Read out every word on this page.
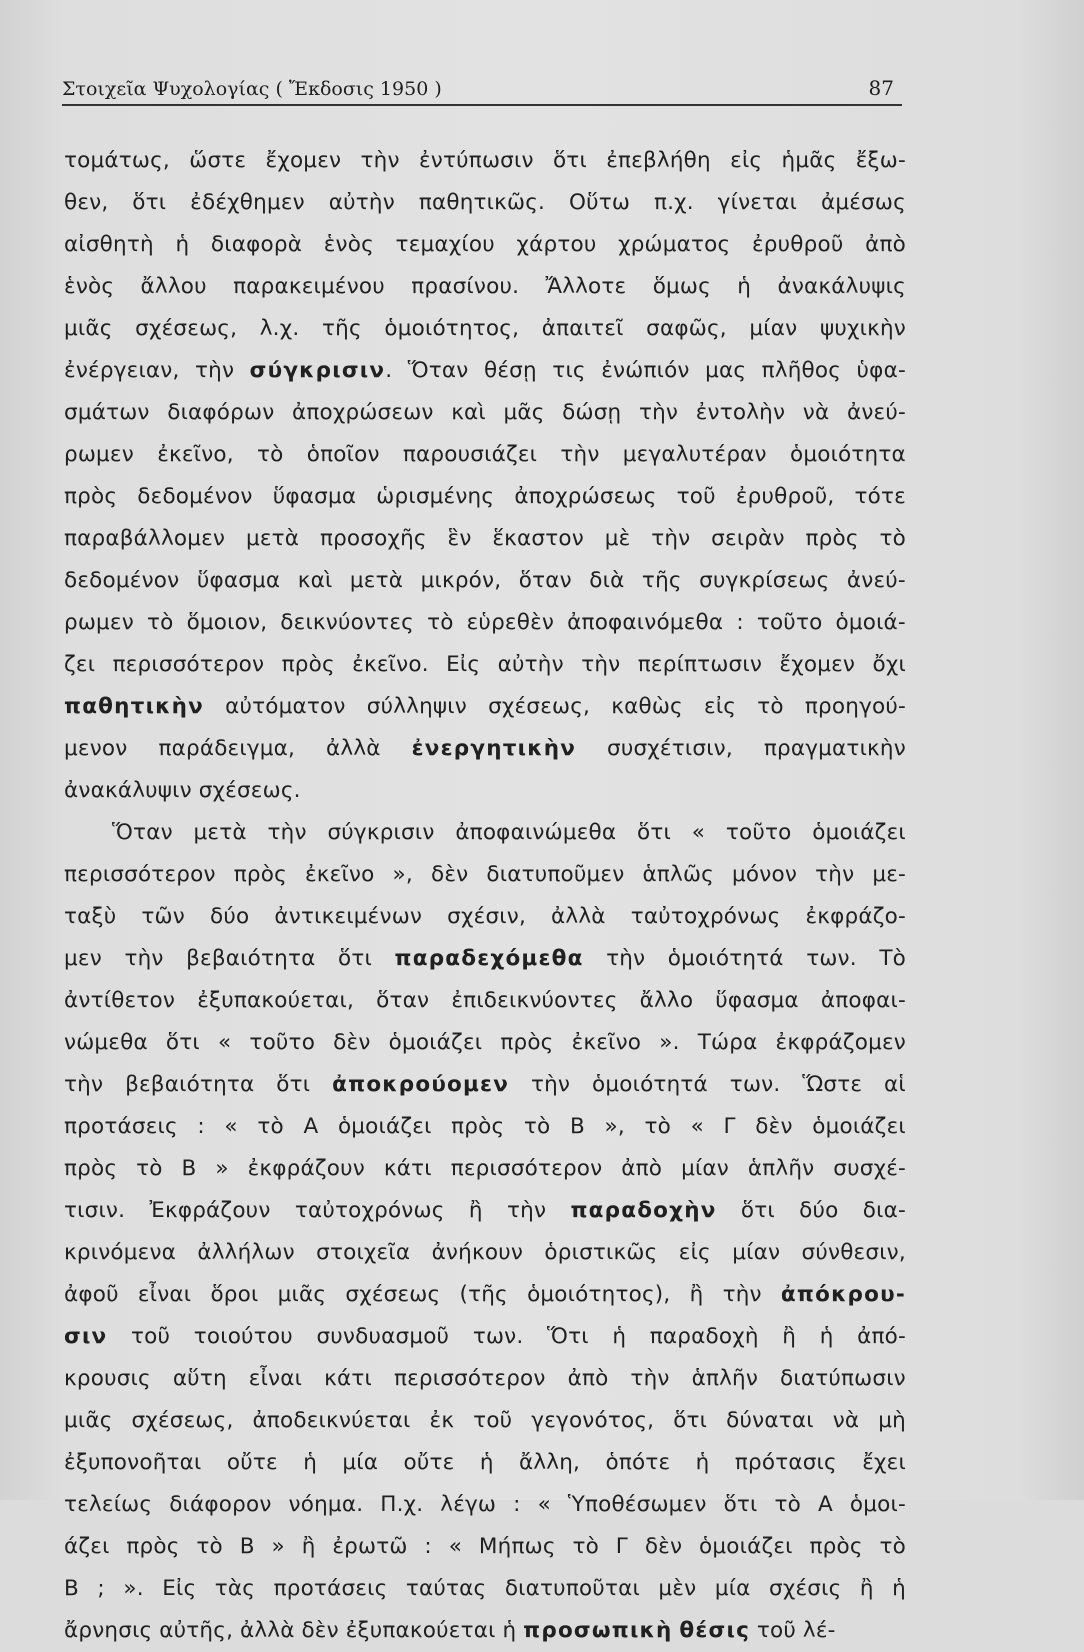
Στοιχεῖα Ψυχολογίας ( Ἔκδοσις 1950 )	87
τομάτως, ὥστε ἔχομεν τὴν ἐντύπωσιν ὅτι ἐπεβλήθη εἰς ἡμᾶς ἔξω-
θεν, ὅτι ἐδέχθημεν αὐτὴν παθητικῶς. Οὕτω π.χ. γίνεται ἀμέσως
αἰσθητὴ ἡ διαφορὰ ἑνὸς τεμαχίου χάρτου χρώματος ἐρυθροῦ ἀπὸ
ἑνὸς ἄλλου παρακειμένου πρασίνου. Ἄλλοτε ὅμως ἡ ἀνακάλυψις
μιᾶς σχέσεως, λ.χ. τῆς ὁμοιότητος, ἀπαιτεῖ σαφῶς, μίαν ψυχικὴν
ἐνέργειαν, τὴν σύγκρισιν. Ὅταν θέσῃ τις ἐνώπιόν μας πλῆθος ὑφα-
σμάτων διαφόρων ἀποχρώσεων καὶ μᾶς δώσῃ τὴν ἐντολὴν νὰ ἀνεύ-
ρωμεν ἐκεῖνο, τὸ ὁποῖον παρουσιάζει τὴν μεγαλυτέραν ὁμοιότητα
πρὸς δεδομένον ὕφασμα ὡρισμένης ἀποχρώσεως τοῦ ἐρυθροῦ, τότε
παραβάλλομεν μετὰ προσοχῆς ἓν ἕκαστον μὲ τὴν σειρὰν πρὸς τὸ
δεδομένον ὕφασμα καὶ μετὰ μικρόν, ὅταν διὰ τῆς συγκρίσεως ἀνεύ-
ρωμεν τὸ ὅμοιον, δεικνύοντες τὸ εὑρεθὲν ἀποφαινόμεθα : τοῦτο ὁμοιά-
ζει περισσότερον πρὸς ἐκεῖνο. Εἰς αὐτὴν τὴν περίπτωσιν ἔχομεν ὄχι
παθητικὴν αὐτόματον σύλληψιν σχέσεως, καθὼς εἰς τὸ προηγού-
μενον παράδειγμα, ἀλλὰ ἐνεργητικὴν συσχέτισιν, πραγματικὴν
ἀνακάλυψιν σχέσεως.
Ὅταν μετὰ τὴν σύγκρισιν ἀποφαινώμεθα ὅτι « τοῦτο ὁμοιάζει
περισσότερον πρὸς ἐκεῖνο », δὲν διατυποῦμεν ἁπλῶς μόνον τὴν με-
ταξὺ τῶν δύο ἀντικειμένων σχέσιν, ἀλλὰ ταὐτοχρόνως ἐκφράζο-
μεν τὴν βεβαιότητα ὅτι παραδεχόμεθα τὴν ὁμοιότητά των. Τὸ
ἀντίθετον ἐξυπακούεται, ὅταν ἐπιδεικνύοντες ἄλλο ὕφασμα ἀποφαι-
νώμεθα ὅτι « τοῦτο δὲν ὁμοιάζει πρὸς ἐκεῖνο ». Τώρα ἐκφράζομεν
τὴν βεβαιότητα ὅτι ἀποκρούομεν τὴν ὁμοιότητά των. Ὥστε αἱ
προτάσεις : « τὸ Α ὁμοιάζει πρὸς τὸ Β », τὸ « Γ δὲν ὁμοιάζει
πρὸς τὸ Β » ἐκφράζουν κάτι περισσότερον ἀπὸ μίαν ἁπλῆν συσχέ-
τισιν. Ἐκφράζουν ταὐτοχρόνως ἢ τὴν παραδοχὴν ὅτι δύο δια-
κρινόμενα ἀλλήλων στοιχεῖα ἀνήκουν ὁριστικῶς εἰς μίαν σύνθεσιν,
ἀφοῦ εἶναι ὅροι μιᾶς σχέσεως (τῆς ὁμοιότητος), ἢ τὴν ἀπόκρου-
σιν τοῦ τοιούτου συνδυασμοῦ των. Ὅτι ἡ παραδοχὴ ἢ ἡ ἀπό-
κρουσις αὕτη εἶναι κάτι περισσότερον ἀπὸ τὴν ἁπλῆν διατύπωσιν
μιᾶς σχέσεως, ἀποδεικνύεται ἐκ τοῦ γεγονότος, ὅτι δύναται νὰ μὴ
ἐξυπονοῆται οὔτε ἡ μία οὔτε ἡ ἄλλη, ὁπότε ἡ πρότασις ἔχει
τελείως διάφορον νόημα. Π.χ. λέγω : « Ὑποθέσωμεν ὅτι τὸ Α ὁμοι-
άζει πρὸς τὸ Β » ἢ ἐρωτῶ : « Μήπως τὸ Γ δὲν ὁμοιάζει πρὸς τὸ
Β ; ». Εἰς τὰς προτάσεις ταύτας διατυποῦται μὲν μία σχέσις ἢ ἡ
ἄρνησις αὐτῆς, ἀλλὰ δὲν ἐξυπακούεται ἡ προσωπικὴ θέσις τοῦ λέ-
